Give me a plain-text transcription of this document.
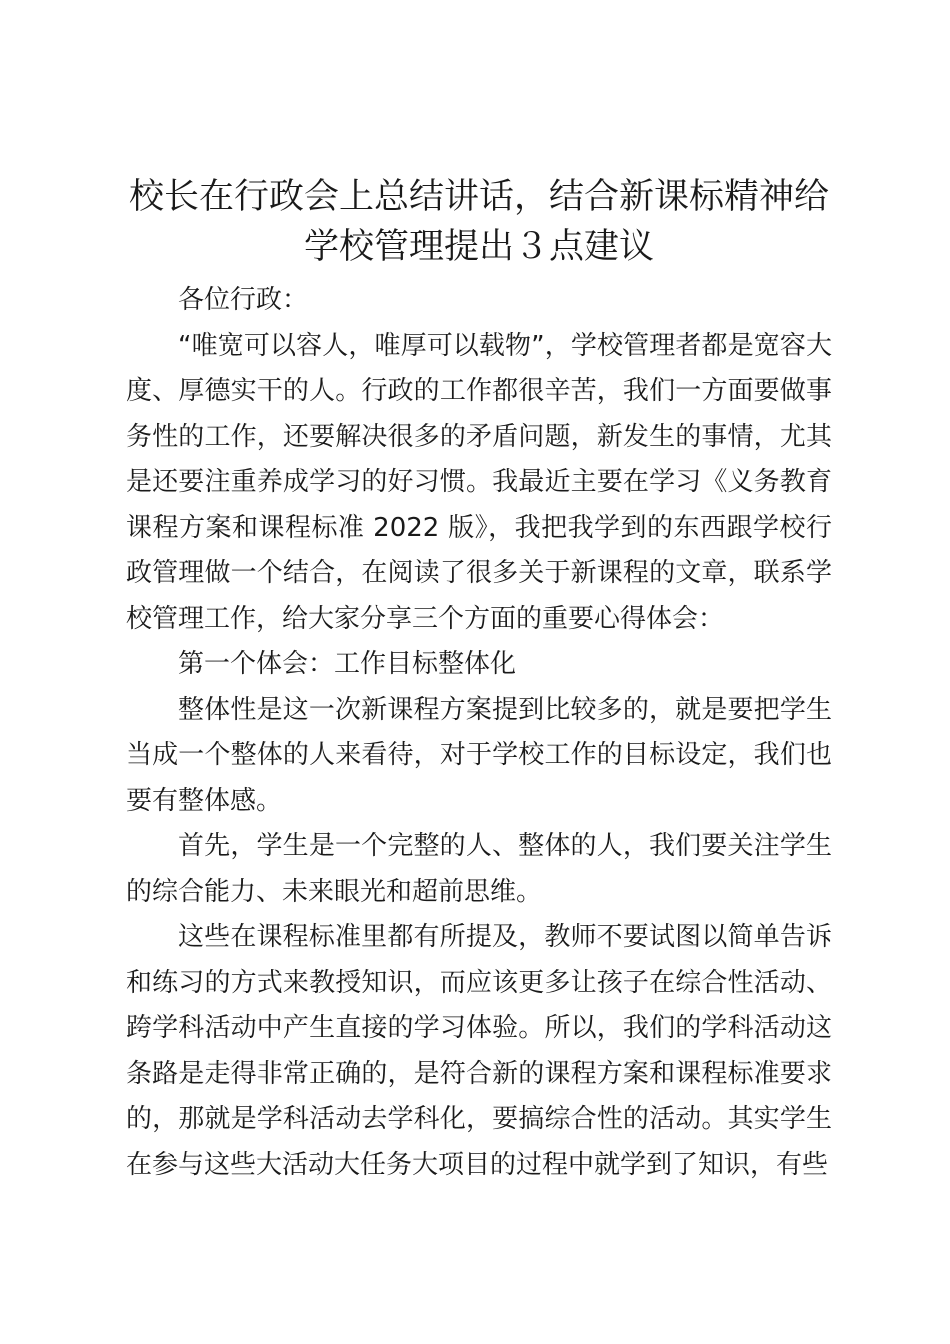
校长在行政会上总结讲话，结合新课标精神给学校管理提出３点建议

各位行政：

“唯宽可以容人，唯厚可以载物”，学校管理者都是宽容大度、厚德实干的人。行政的工作都很辛苦，我们一方面要做事务性的工作，还要解决很多的矛盾问题，新发生的事情，尤其是还要注重养成学习的好习惯。我最近主要在学习《义务教育课程方案和课程标准 2022 版》，我把我学到的东西跟学校行政管理做一个结合，在阅读了很多关于新课程的文章，联系学校管理工作，给大家分享三个方面的重要心得体会：

第一个体会：工作目标整体化

整体性是这一次新课程方案提到比较多的，就是要把学生当成一个整体的人来看待，对于学校工作的目标设定，我们也要有整体感。

首先，学生是一个完整的人、整体的人，我们要关注学生的综合能力、未来眼光和超前思维。

这些在课程标准里都有所提及，教师不要试图以简单告诉和练习的方式来教授知识，而应该更多让孩子在综合性活动、跨学科活动中产生直接的学习体验。所以，我们的学科活动这条路是走得非常正确的，是符合新的课程方案和课程标准要求的，那就是学科活动去学科化，要搞综合性的活动。其实学生在参与这些大活动大任务大项目的过程中就学到了知识，有些
